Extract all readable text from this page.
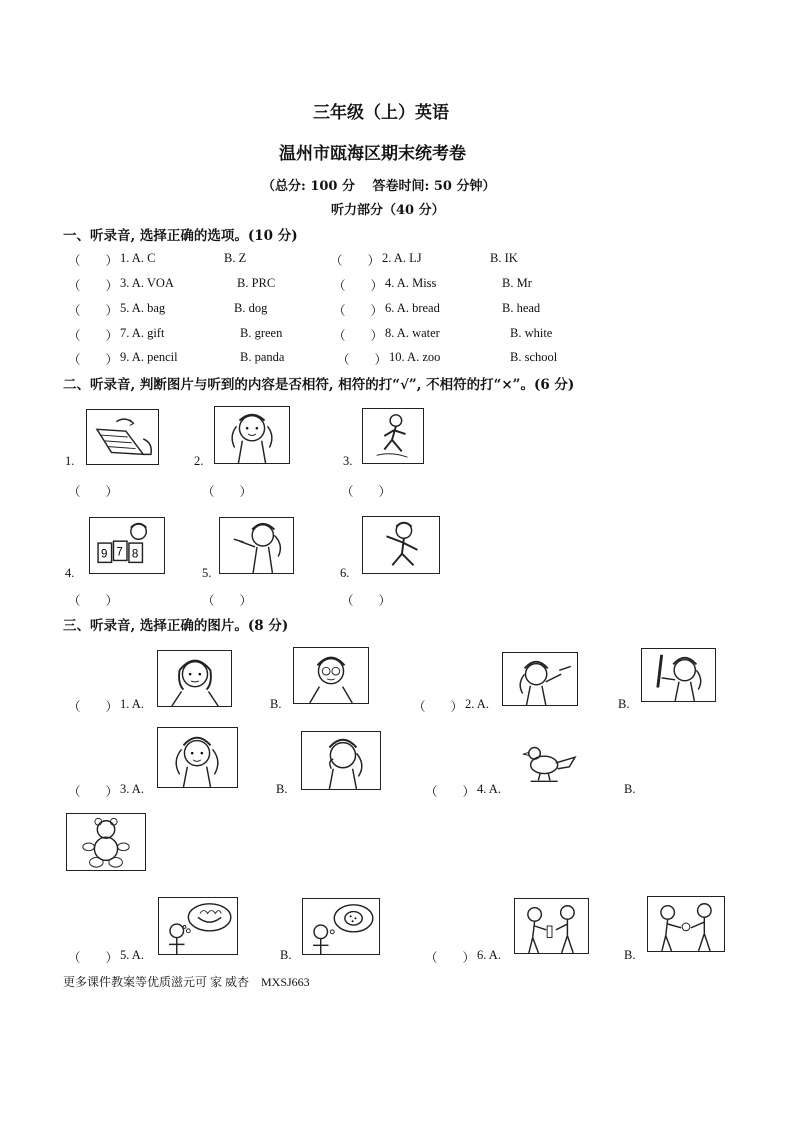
三年级（上）英语
温州市瓯海区期末统考卷
（总分: 100 分　 答卷时间: 50 分钟）
听力部分（40 分）
一、听录音, 选择正确的选项。(10 分)
（　　） 1. A. C	B. Z	（　　） 2. A. LJ	B. IK
（　　） 3. A. VOA	B. PRC	（　　） 4. A. Miss	B. Mr
（　　） 5. A. bag	B. dog	（　　） 6. A. bread	B. head
（　　） 7. A. gift	B. green	（　　） 8. A. water	B. white
（　　） 9. A. pencil	B. panda	（　　） 10. A. zoo	B. school
二、听录音, 判断图片与听到的内容是否相符, 相符的打“√”, 不相符的打“×”。(6 分)
1.	2.	3.
（　　）	（　　）	（　　）
9 7 8
4.	5.	6.
（　　）	（　　）	（　　）
三、听录音, 选择正确的图片。(8 分)
（　　） 1. A.	B.	（　　） 2. A.	B.
（　　） 3. A.	B.	（　　） 4. A.	B.
（　　） 5. A.	B.	（　　） 6. A.	B.
更多课件教案等优质滋元可 家 威杏　MXSJ663
